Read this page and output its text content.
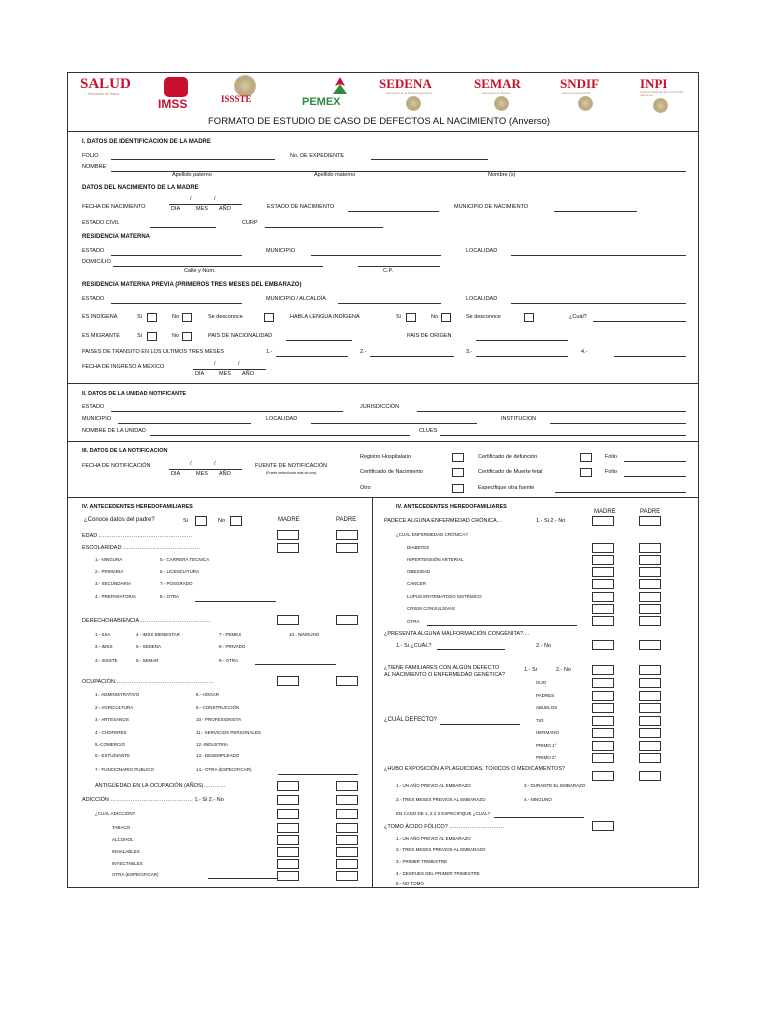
SALUD
Secretaría de Salud
IMSS	ISSSTE	PEMEX
SEDENA
Secretaría de la Defensa Nacional
SEMAR
Secretaría de Marina
SNDIF
Sistema Nacional DIF
INPI
Instituto Nacional de los Pueblos Indígenas
FORMATO DE ESTUDIO DE CASO DE DEFECTOS AL NACIMIENTO (Anverso)
I. DATOS DE IDENTIFICACION DE LA MADRE
FOLIO	No. DE EXPEDIENTE
NOMBRE
Apellido paterno	Apellido materno	Nombre (s)
DATOS DEL NACIMIENTO DE LA MADRE
FECHA DE NACIMIENTO
/	/
DIA	MES AÑO	ESTADO DE NACIMIENTO	MUNICIPIO DE NACIMIENTO
ESTADO CIVIL	CURP
RESIDENCIA MATERNA
ESTADO	MUNICIPIO	LOCALIDAD
DOMICILIO
Calle y Núm.	C.P.
RESIDENCIA MATERNA PREVIA (PRIMEROS TRES MESES DEL EMBARAZO)
ESTADO	MUNICIPIO / ALCALDÍA	LOCALIDAD
ES INDÍGENA	Si	No	Se desconoce	HABLA LENGUA INDÍGENA	Si	No	Se desconoce	¿Cuál?
ES MIGRANTE	Si	No	PAIS DE NACIONALIDAD	PAIS DE ORIGEN
PAISES DE TRANSITO EN LOS ULTIMOS TRES MESES	1.-	2.-	3.-	4.-
FECHA DE INGRESO A MÉXICO	/	/
DIA	MES AÑO
II. DATOS DE LA UNIDAD NOTIFICANTE
ESTADO	JURISDICCIÓN
MUNICIPIO	LOCALIDAD	INSTITUCION
NOMBRE DE LA UNIDAD	CLUES
III. DATOS DE LA NOTIFICACION
FECHA DE NOTIFICACIÓN	/	/
DIA	MES AÑO
FUENTE DE NOTIFICACIÓN
(Puede seleccionar más de una)
Registro Hospitalario
Certificado de Nacimiento
Otro
Certificado de defunción	Folio
Certificado de Muerte fetal	Folio
Especifique otra fuente
IV. ANTECEDENTES HEREDOFAMILIARES
¿Conoce datos del padre?	Si	No	MADRE	PADRE
EDAD ……………………………………………
ESCOLARIDAD ……………………………………
1.- NINGUNA	5.- CARRERA TECNICA
2.- PRIMARIA	6.- LICENCIATURA
3.- SECUNDARIA	7.- POSGRADO
4.- PREPARATORIA	8.- OTRA
DERECHOHABIENCIA…………………………………
1.- SSA	4.- IMSS BIENESTAR	7.- PEMEX	10.- NINGUNO
2.- IMSS	5.- SEDENA	8.- PRIVADO
3.- ISSSTE	6.- SEMAR	9.- OTRA
OCUPACIÓN………………………………………………
1.- ADMINISTRATIVO	8.- HOGAR
2.- AGRICULTURA	9.- CONSTRUCCIÓN
3.- ARTESANOS	10.- PROFESIONISTA
4.- CHOFERES	11.- SERVICIOS PERSONALES
5.-COMERCIO	12.-INDUSTRIA
6.- ESTUDIANTE	13.- DESEMPLEADO
7.- FUNCIONARIO PUBLICO	14.- OTRA (ESPECIFICAR)
ANTIGÜEDAD EN LA OCUPACIÓN (AÑOS)…………
ADICCIÓN ……………………………………… 1.- Si 2.- No
¿CUÁL ADICCIÓN?
TABACO
ALCOHOL
INHALABLES
INYECTABLES
OTRA (ESPECIFICAR)
IV. ANTECEDENTES HEREDOFAMILIARES
MADRE	PADRE
PADECE ALGUNA ENFERMEDAD CRÓNICA…	1.- Si 2.- No
¿CUÁL ENFERMEDAD CRÓNICA?
DIABETES
HIPERTENSIÓN ARTERIAL
OBESIDAD
CÁNCER
LUPUS ERITEMATOSO SISTÉMICO
CRISIS CONVULSIVAS
OTRA
¿PRESENTA ALGUNA MALFORMACIÓN CONGÉNITA?....
1.- Si ¿CUÁL?	2.- No
¿TIENE FAMILIARES CON ALGÚN DEFECTO
AL NACIMIENTO O ENFERMEDAD GENÉTICA?
1.- Si	2.- No
HIJO
PADRES
ABUELOS
¿CUÁL DEFECTO?	TIO
HERMANO
PRIMO 1°
PRIMO 2°
¿HUBO EXPOSICIÓN A PLAGUICIDAS, TOXICOS O MEDICAMENTOS?
1.- UN AÑO PREVIO AL EMBARAZO	3.- DURANTE EL EMBARAZO
2.- TRES MESES PREVIOS AL EMBARAZO	4.- NINGUNO
EN CASO DE 1, 2 ó 3 ESPECIFIQUE ¿CUÁL?
¿TOMO ÁCIDO FÓLICO? …………………………
1.- UN AÑO PREVIO AL EMBARAZO
2.- TRES MESES PREVIOS AL EMBARAZO
3.- PRIMER TRIMESTRE
4.- DESPUES DEL PRIMER TRIMESTRE
5.- NO TOMO
